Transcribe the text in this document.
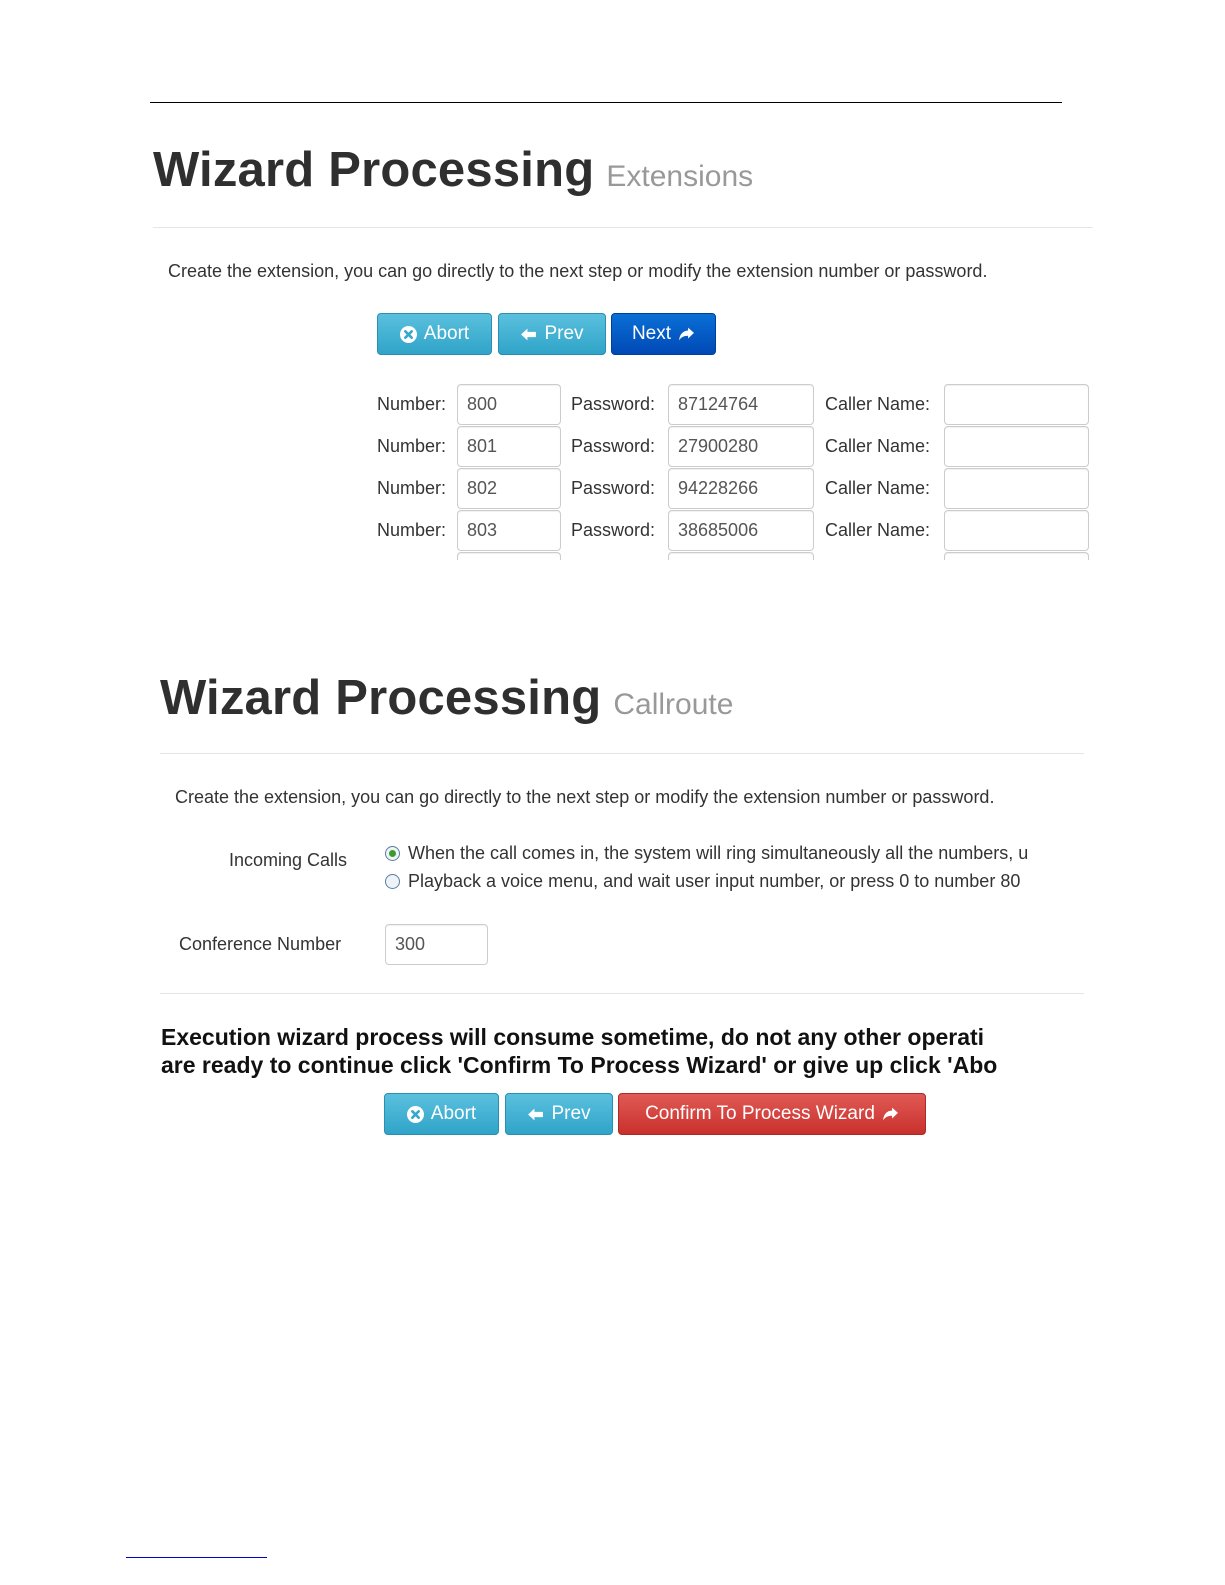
Wizard Processing Extensions
Create the extension, you can go directly to the next step or modify the extension number or password.
Abort	Prev	Next
Number:	800	Password:	87124764	Caller Name:
Number:	801	Password:	27900280	Caller Name:
Number:	802	Password:	94228266	Caller Name:
Number:	803	Password:	38685006	Caller Name:
Wizard Processing Callroute
Create the extension, you can go directly to the next step or modify the extension number or password.
Incoming Calls	When the call comes in, the system will ring simultaneously all the numbers, u
Playback a voice menu, and wait user input number, or press 0 to number 80
Conference Number	300
Execution wizard process will consume sometime, do not any other operati
are ready to continue click 'Confirm To Process Wizard' or give up click 'Abo
Abort	Prev	Confirm To Process Wizard
